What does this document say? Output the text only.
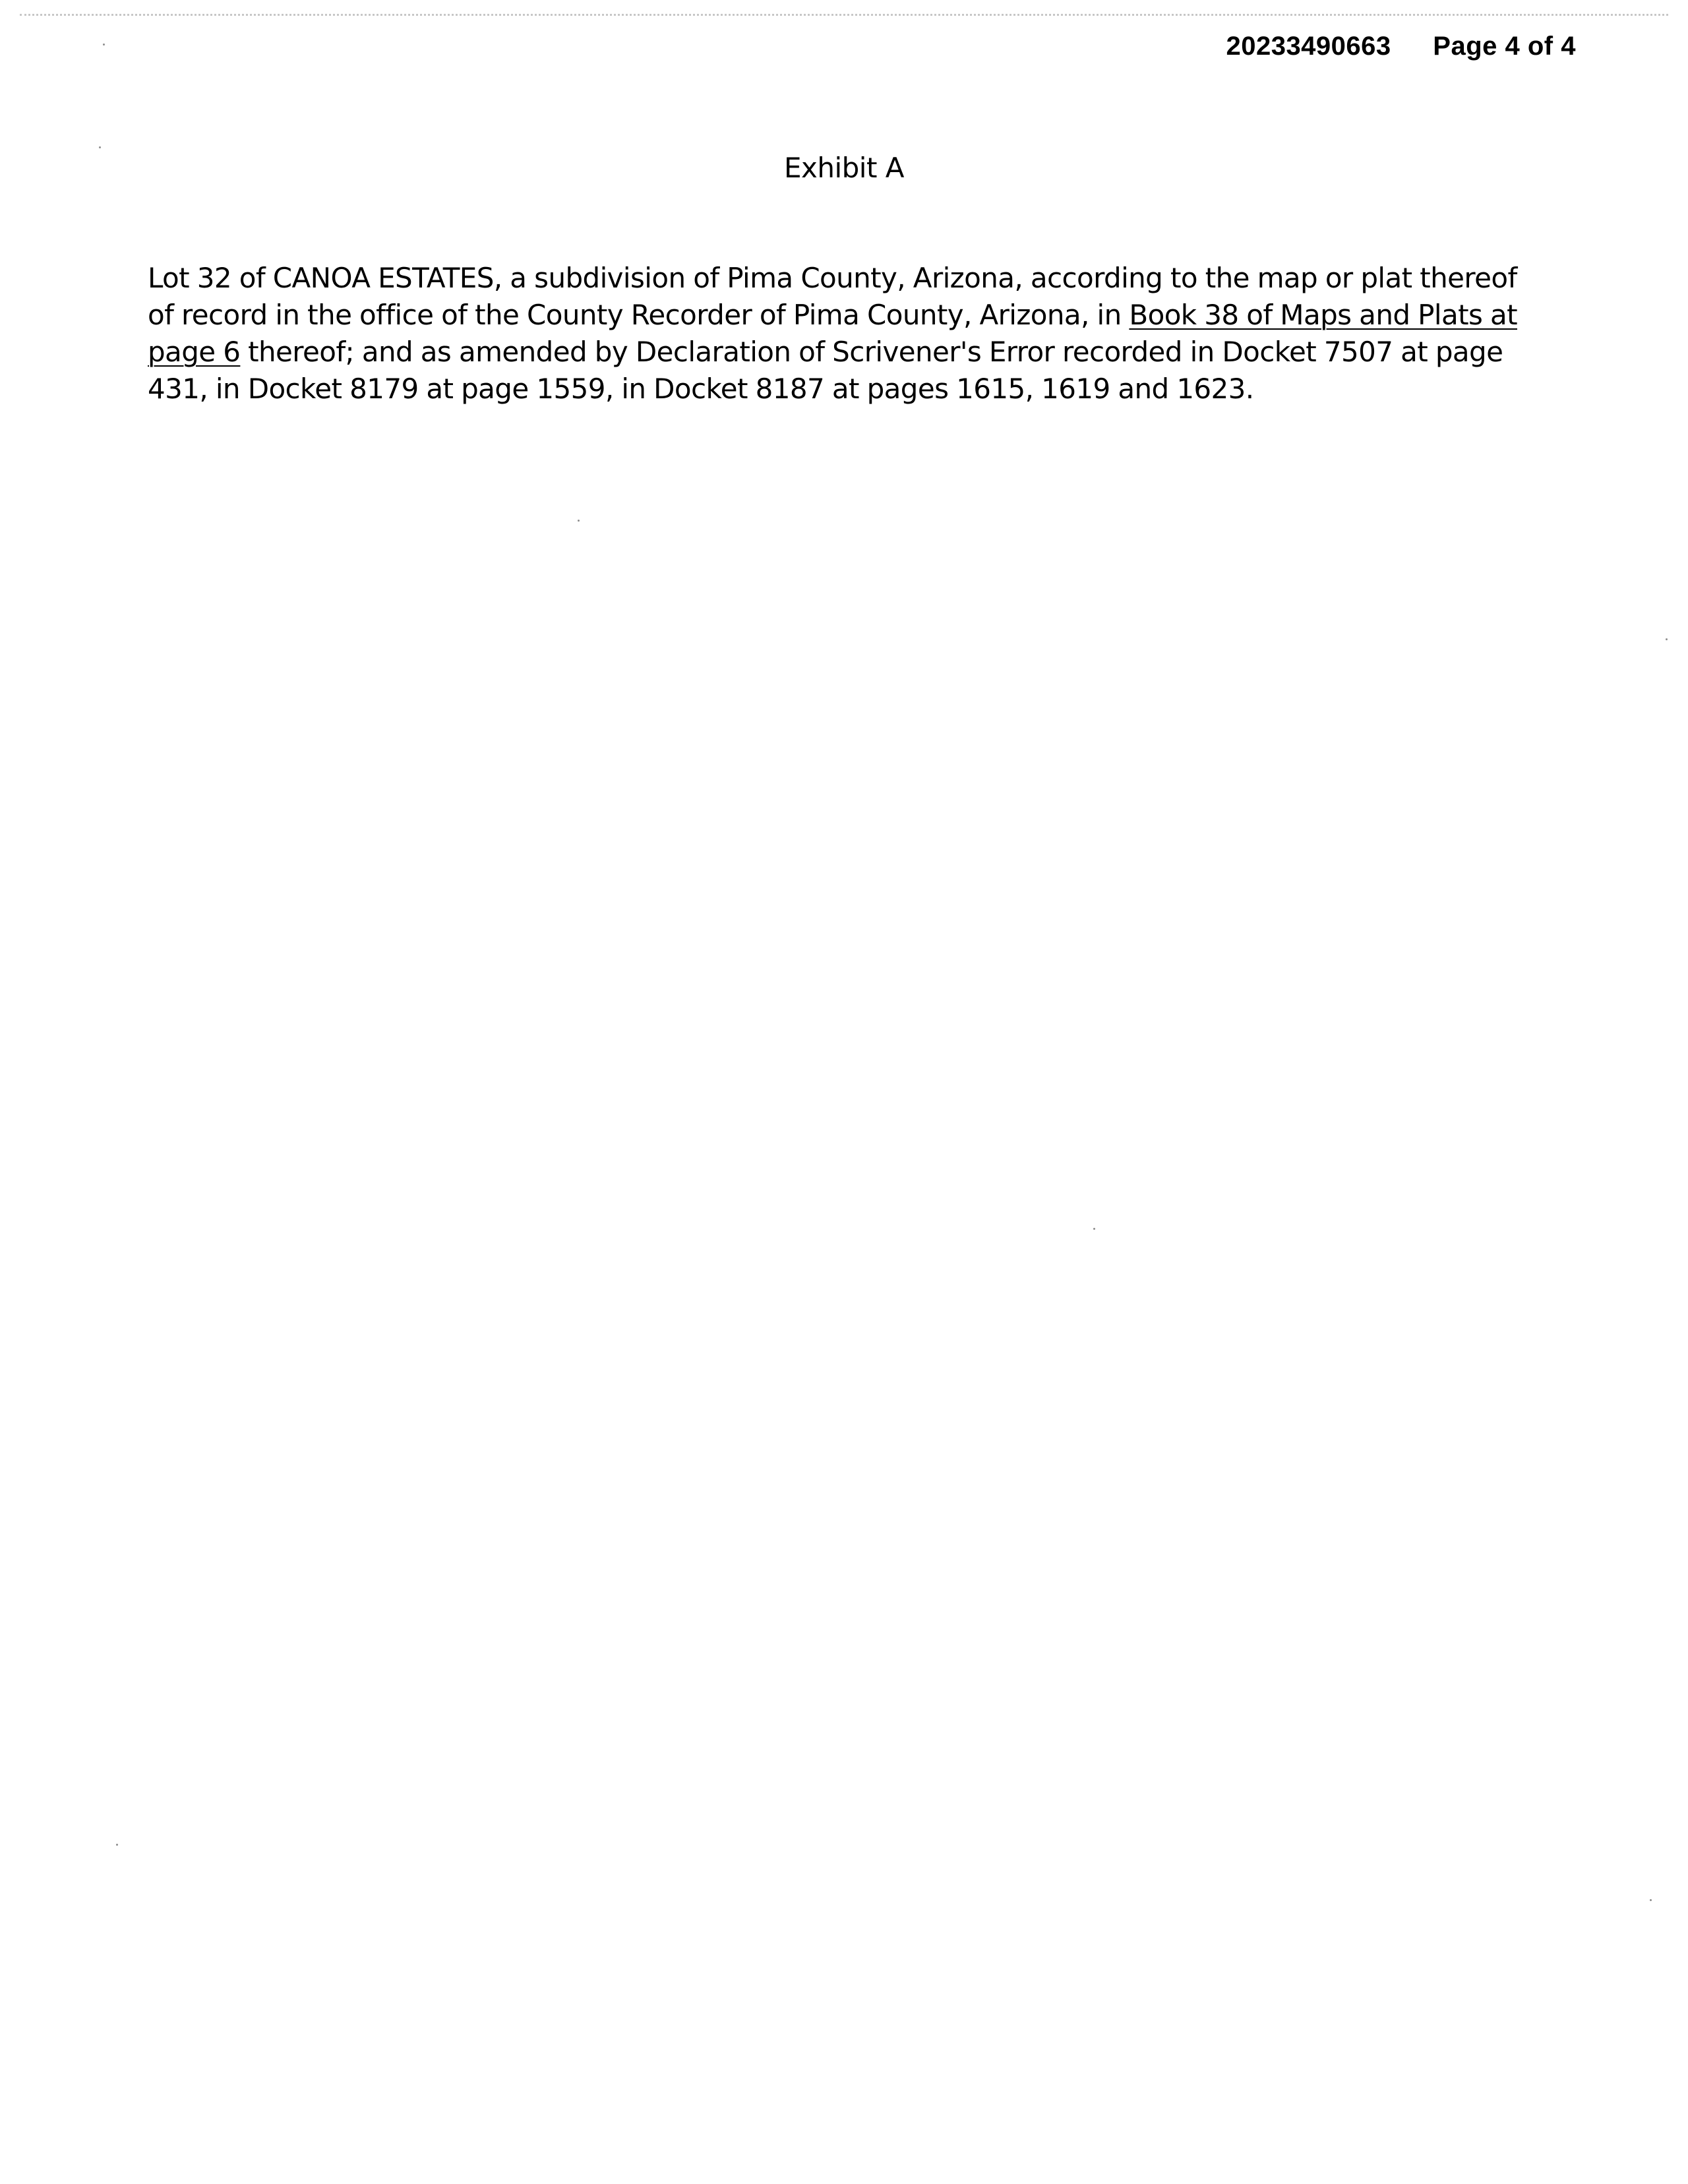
20233490663 Page 4 of 4
Exhibit A
Lot 32 of CANOA ESTATES, a subdivision of Pima County, Arizona, according to the map or plat thereof
of record in the office of the County Recorder of Pima County, Arizona, in Book 38 of Maps and Plats at
page 6 thereof; and as amended by Declaration of Scrivener's Error recorded in Docket 7507 at page
431, in Docket 8179 at page 1559, in Docket 8187 at pages 1615, 1619 and 1623.
